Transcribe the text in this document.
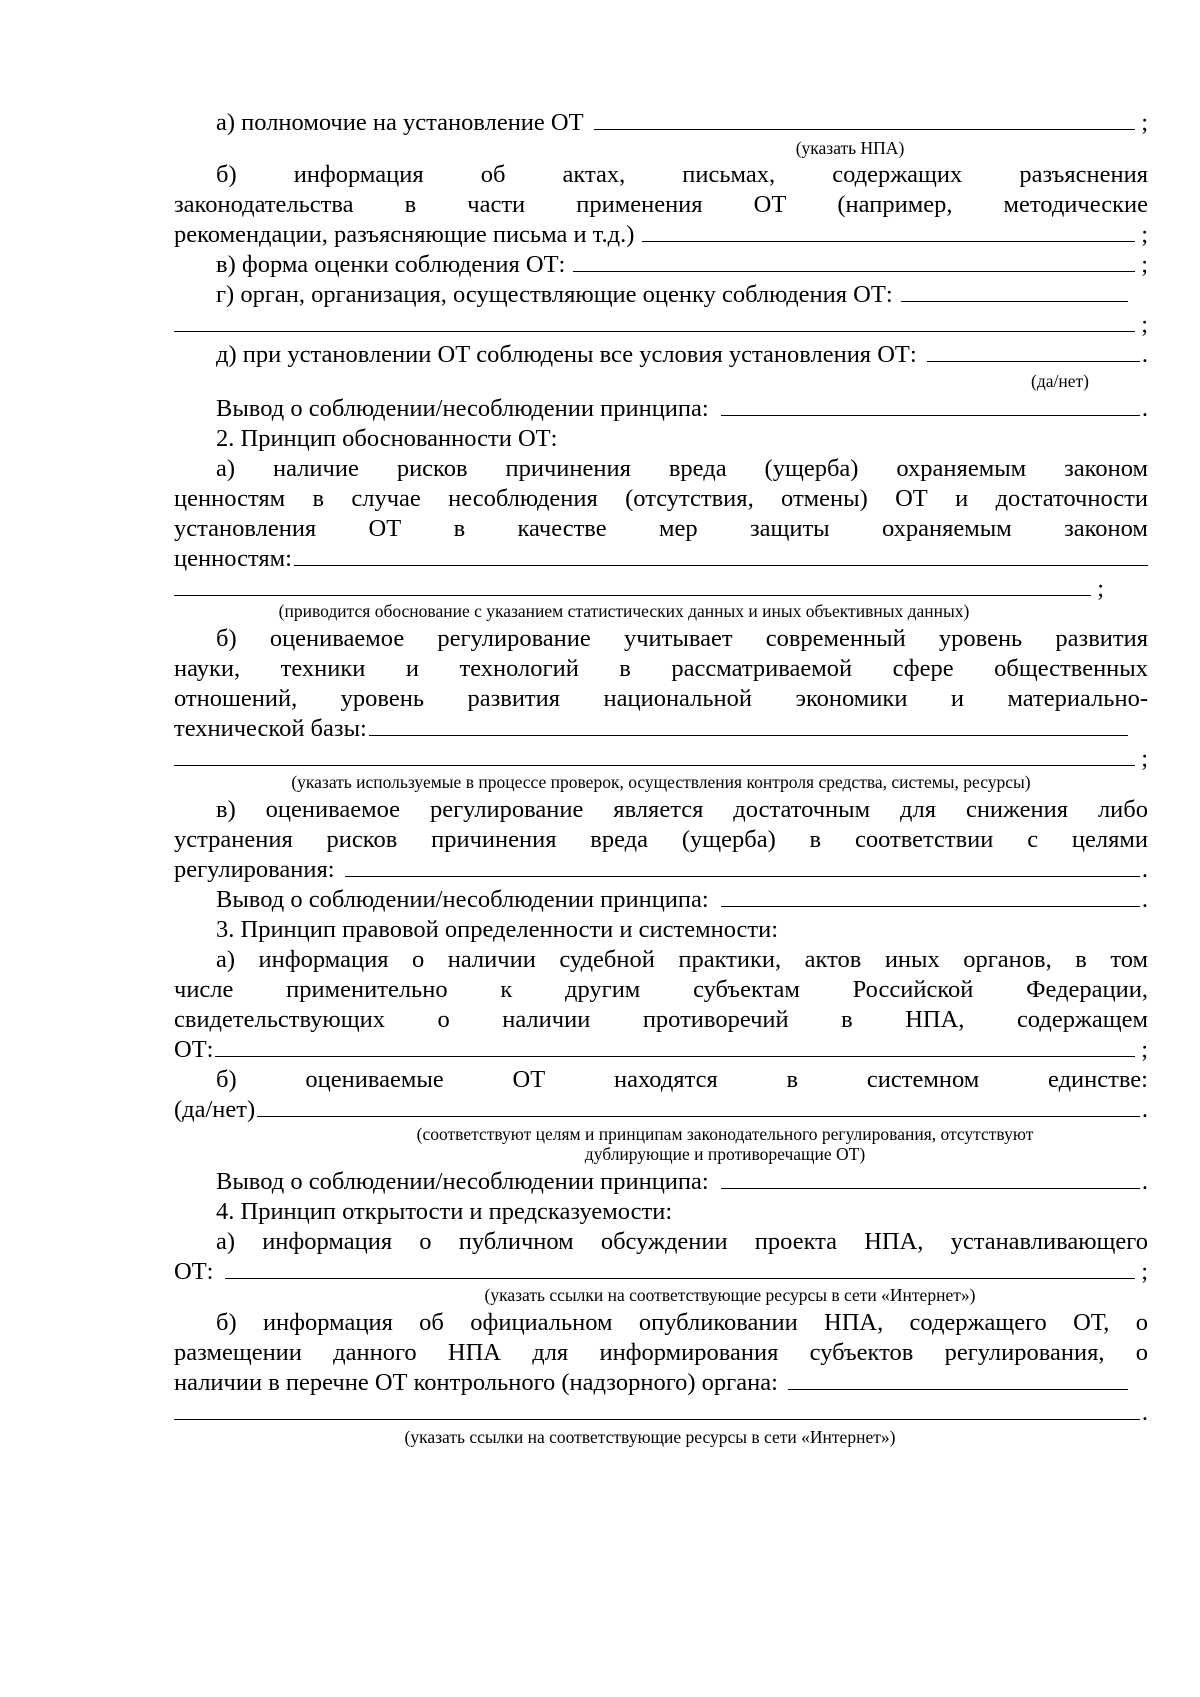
а) полномочие на установление ОТ	;
(указать НПА)
б) информация об актах, письмах, содержащих разъяснения
законодательства в части применения ОТ (например, методические
рекомендации, разъясняющие письма и т.д.)	;
в) форма оценки соблюдения ОТ:	;
г) орган, организация, осуществляющие оценку соблюдения ОТ:
;
д) при установлении ОТ соблюдены все условия установления ОТ:	.
(да/нет)
Вывод о соблюдении/несоблюдении принципа:	.
2. Принцип обоснованности ОТ:
а) наличие рисков причинения вреда (ущерба) охраняемым законом
ценностям в случае несоблюдения (отсутствия, отмены) ОТ и достаточности
установления ОТ в качестве мер защиты охраняемым законом
ценностям:
;
(приводится обоснование с указанием статистических данных и иных объективных данных)
б) оцениваемое регулирование учитывает современный уровень развития
науки, техники и технологий в рассматриваемой сфере общественных
отношений, уровень развития национальной экономики и материально-
технической базы:
;
(указать используемые в процессе проверок, осуществления контроля средства, системы, ресурсы)
в) оцениваемое регулирование является достаточным для снижения либо
устранения рисков причинения вреда (ущерба) в соответствии с целями
регулирования:	.
Вывод о соблюдении/несоблюдении принципа:	.
3. Принцип правовой определенности и системности:
а) информация о наличии судебной практики, актов иных органов, в том
числе применительно к другим субъектам Российской Федерации,
свидетельствующих о наличии противоречий в НПА, содержащем
ОТ:	;
б)	оцениваемые	ОТ	находятся	в	системном	единстве:
(да/нет)	.
(соответствуют целям и принципам законодательного регулирования, отсутствуют
дублирующие и противоречащие ОТ)
Вывод о соблюдении/несоблюдении принципа:	.
4. Принцип открытости и предсказуемости:
а) информация о публичном обсуждении проекта НПА, устанавливающего
ОТ:	;
(указать ссылки на соответствующие ресурсы в сети «Интернет»)
б) информация об официальном опубликовании НПА, содержащего ОТ, о
размещении данного НПА для информирования субъектов регулирования, о
наличии в перечне ОТ контрольного (надзорного) органа:
.
(указать ссылки на соответствующие ресурсы в сети «Интернет»)
